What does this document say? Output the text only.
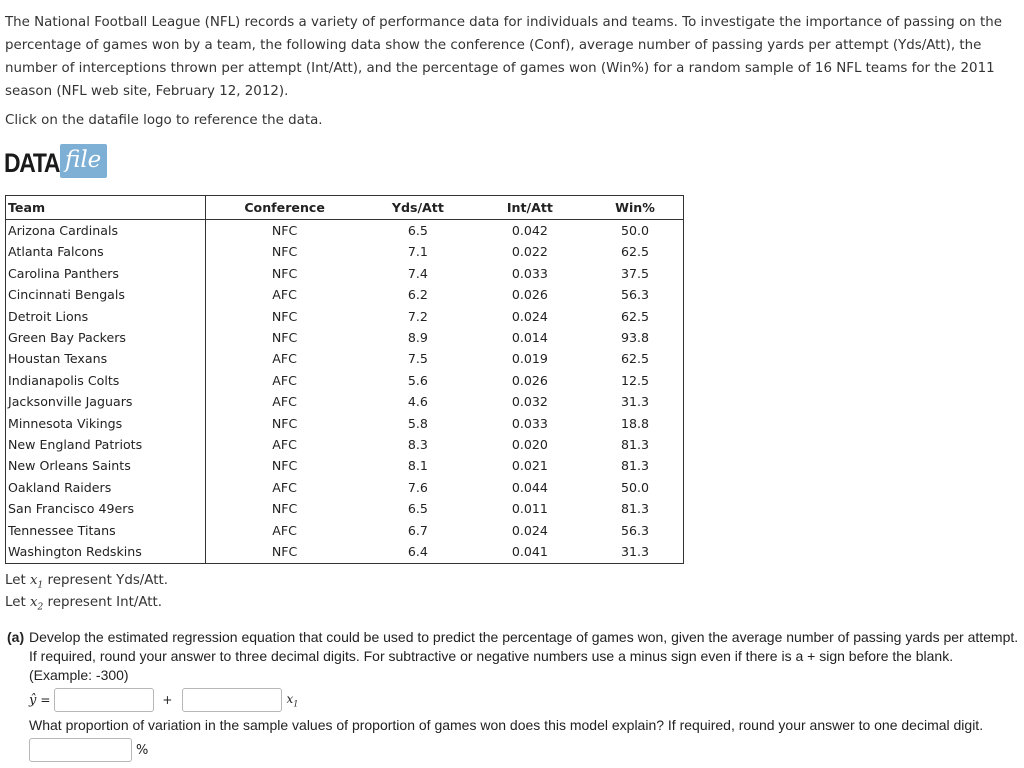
The National Football League (NFL) records a variety of performance data for individuals and teams. To investigate the importance of passing on the percentage of games won by a team, the following data show the conference (Conf), average number of passing yards per attempt (Yds/Att), the number of interceptions thrown per attempt (Int/Att), and the percentage of games won (Win%) for a random sample of 16 NFL teams for the 2011 season (NFL web site, February 12, 2012).

Click on the datafile logo to reference the data.

DATA file
Team	Conference	Yds/Att	Int/Att	Win%
Arizona Cardinals	NFC	6.5	0.042	50.0
Atlanta Falcons	NFC	7.1	0.022	62.5
Carolina Panthers	NFC	7.4	0.033	37.5
Cincinnati Bengals	AFC	6.2	0.026	56.3
Detroit Lions	NFC	7.2	0.024	62.5
Green Bay Packers	NFC	8.9	0.014	93.8
Houstan Texans	AFC	7.5	0.019	62.5
Indianapolis Colts	AFC	5.6	0.026	12.5
Jacksonville Jaguars	AFC	4.6	0.032	31.3
Minnesota Vikings	NFC	5.8	0.033	18.8
New England Patriots	AFC	8.3	0.020	81.3
New Orleans Saints	NFC	8.1	0.021	81.3
Oakland Raiders	AFC	7.6	0.044	50.0
San Francisco 49ers	NFC	6.5	0.011	81.3
Tennessee Titans	AFC	6.7	0.024	56.3
Washington Redskins	NFC	6.4	0.041	31.3
Let $x_1$ represent Yds/Att.
Let $x_2$ represent Int/Att.
(a) Develop the estimated regression equation that could be used to predict the percentage of games won, given the average number of passing yards per attempt. If required, round your answer to three decimal digits. For subtractive or negative numbers use a minus sign even if there is a + sign before the blank. (Example: -300)

ŷ =	+	$x_1$

What proportion of variation in the sample values of proportion of games won does this model explain? If required, round your answer to one decimal digit.

%
